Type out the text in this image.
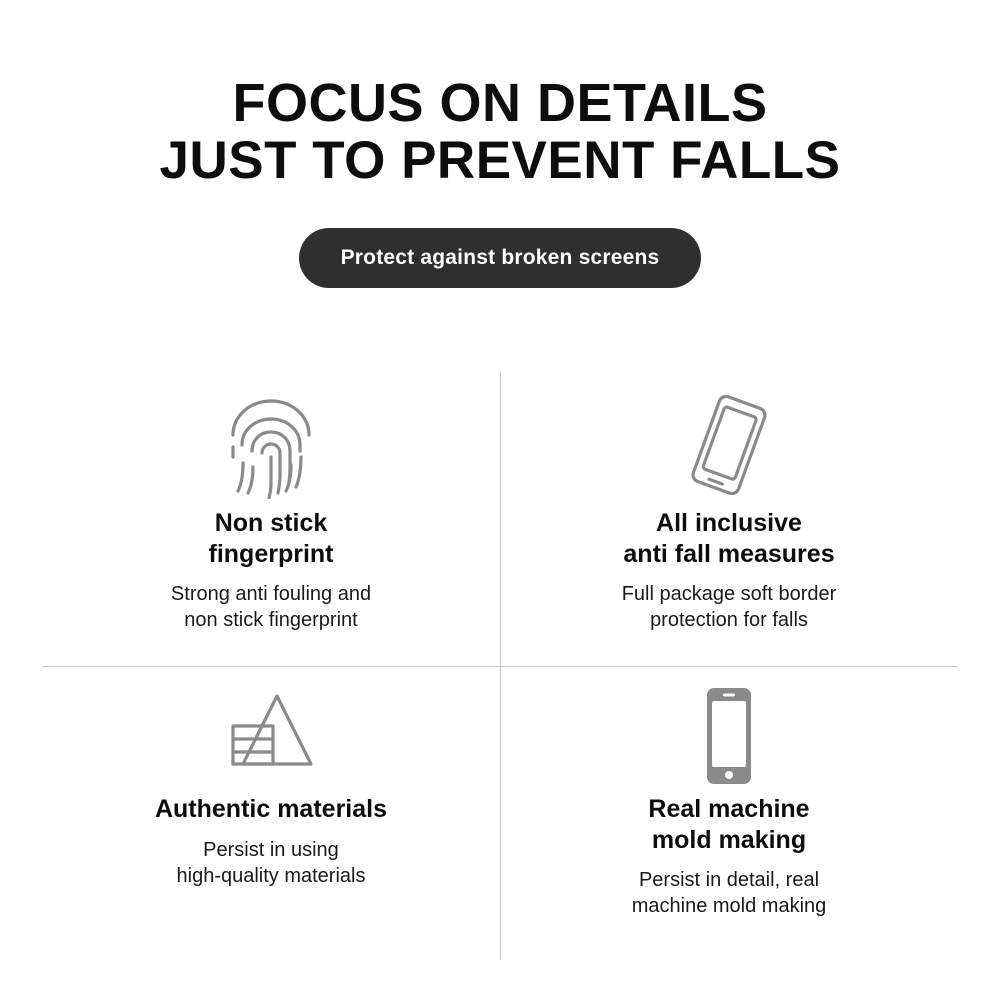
FOCUS ON DETAILS
JUST TO PREVENT FALLS
Protect against broken screens
Non stick
fingerprint
Strong anti fouling and
non stick fingerprint
All inclusive
anti fall measures
Full package soft border
protection for falls
Authentic materials
Persist in using
high-quality materials
Real machine
mold making
Persist in detail, real
machine mold making
